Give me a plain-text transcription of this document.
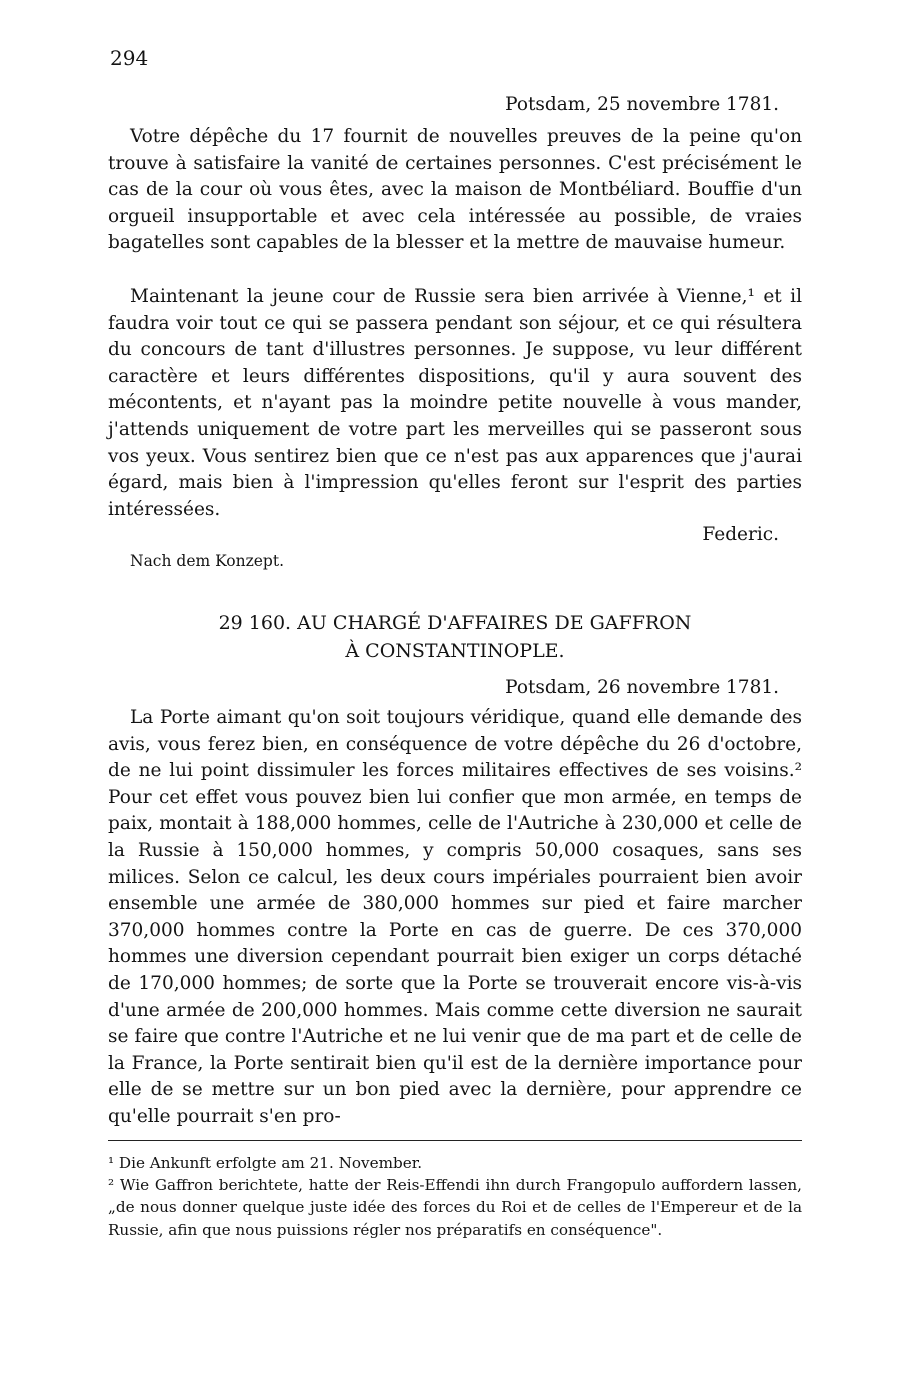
294
Potsdam, 25 novembre 1781.

Votre dépêche du 17 fournit de nouvelles preuves de la peine qu'on trouve à satisfaire la vanité de certaines personnes. C'est précisément le cas de la cour où vous êtes, avec la maison de Montbéliard. Bouffie d'un orgueil insupportable et avec cela intéressée au possible, de vraies bagatelles sont capables de la blesser et la mettre de mauvaise humeur.

Maintenant la jeune cour de Russie sera bien arrivée à Vienne,¹ et il faudra voir tout ce qui se passera pendant son séjour, et ce qui résultera du concours de tant d'illustres personnes. Je suppose, vu leur différent caractère et leurs différentes dispositions, qu'il y aura souvent des mécontents, et n'ayant pas la moindre petite nouvelle à vous mander, j'attends uniquement de votre part les merveilles qui se passeront sous vos yeux. Vous sentirez bien que ce n'est pas aux apparences que j'aurai égard, mais bien à l'impression qu'elles feront sur l'esprit des parties intéressées.

Federic.
Nach dem Konzept.
29 160. AU CHARGÉ D'AFFAIRES DE GAFFRON
À CONSTANTINOPLE.
Potsdam, 26 novembre 1781.

La Porte aimant qu'on soit toujours véridique, quand elle demande des avis, vous ferez bien, en conséquence de votre dépêche du 26 d'octobre, de ne lui point dissimuler les forces militaires effectives de ses voisins.² Pour cet effet vous pouvez bien lui confier que mon armée, en temps de paix, montait à 188,000 hommes, celle de l'Autriche à 230,000 et celle de la Russie à 150,000 hommes, y compris 50,000 cosaques, sans ses milices. Selon ce calcul, les deux cours impériales pourraient bien avoir ensemble une armée de 380,000 hommes sur pied et faire marcher 370,000 hommes contre la Porte en cas de guerre. De ces 370,000 hommes une diversion cependant pourrait bien exiger un corps détaché de 170,000 hommes; de sorte que la Porte se trouverait encore vis-à-vis d'une armée de 200,000 hommes. Mais comme cette diversion ne saurait se faire que contre l'Autriche et ne lui venir que de ma part et de celle de la France, la Porte sentirait bien qu'il est de la dernière importance pour elle de se mettre sur un bon pied avec la dernière, pour apprendre ce qu'elle pourrait s'en pro-

¹ Die Ankunft erfolgte am 21. November.

² Wie Gaffron berichtete, hatte der Reis-Effendi ihn durch Frangopulo auffordern lassen, „de nous donner quelque juste idée des forces du Roi et de celles de l'Empereur et de la Russie, afin que nous puissions régler nos préparatifs en conséquence".
